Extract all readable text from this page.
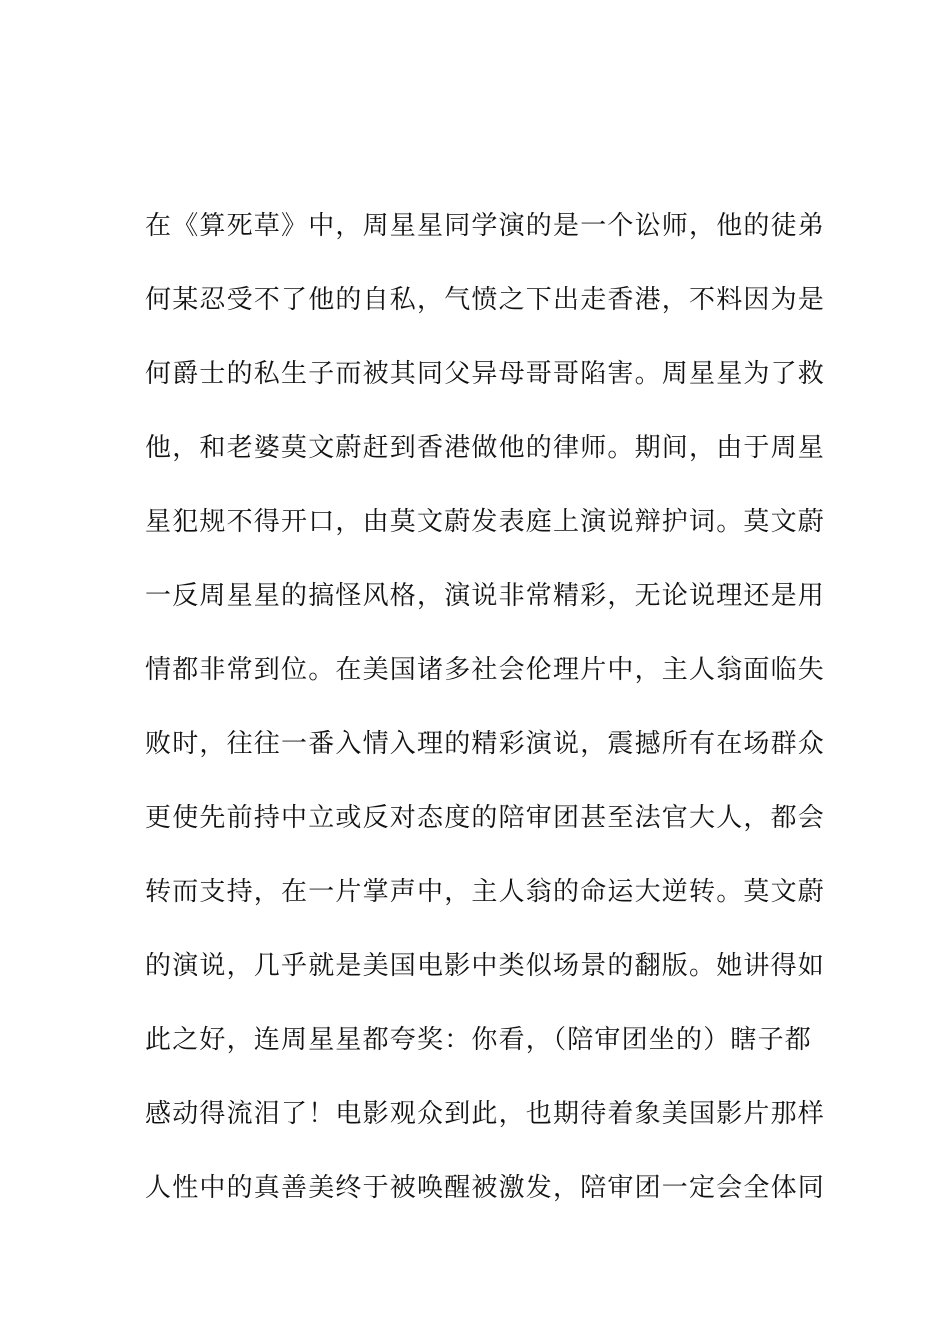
在《算死草》中，周星星同学演的是一个讼师，他的徒弟
何某忍受不了他的自私，气愤之下出走香港，不料因为是
何爵士的私生子而被其同父异母哥哥陷害。周星星为了救
他，和老婆莫文蔚赶到香港做他的律师。期间，由于周星
星犯规不得开口，由莫文蔚发表庭上演说辩护词。莫文蔚
一反周星星的搞怪风格，演说非常精彩，无论说理还是用
情都非常到位。在美国诸多社会伦理片中，主人翁面临失
败时，往往一番入情入理的精彩演说，震撼所有在场群众
更使先前持中立或反对态度的陪审团甚至法官大人，都会
转而支持，在一片掌声中，主人翁的命运大逆转。莫文蔚
的演说，几乎就是美国电影中类似场景的翻版。她讲得如
此之好，连周星星都夸奖：你看，（陪审团坐的）瞎子都
感动得流泪了！电影观众到此，也期待着象美国影片那样
人性中的真善美终于被唤醒被激发，陪审团一定会全体同
